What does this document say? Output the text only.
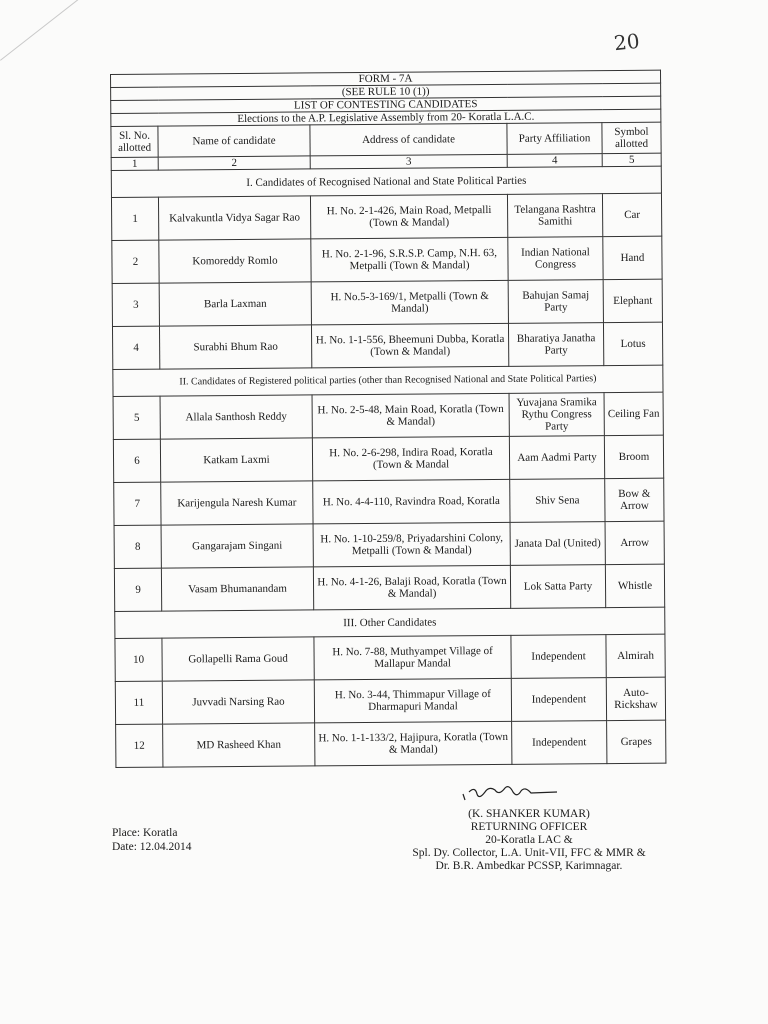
20
FORM - 7A				
(SEE RULE 10 (1))				
LIST OF CONTESTING CANDIDATES				
Elections to the A.P. Legislative Assembly from 20- Koratla L.A.C.				
Sl. No. allotted	Name of candidate	Address of candidate	Party Affiliation	Symbol allotted
1	2	3	4	5
I. Candidates of Recognised National and State Political Parties				
1	Kalvakuntla Vidya Sagar Rao	H. No. 2-1-426, Main Road, Metpalli (Town & Mandal)	Telangana Rashtra Samithi	Car
2	Komoreddy Romlo	H. No. 2-1-96, S.R.S.P. Camp, N.H. 63, Metpalli (Town & Mandal)	Indian National Congress	Hand
3	Barla Laxman	H. No.5-3-169/1, Metpalli (Town & Mandal)	Bahujan Samaj Party	Elephant
4	Surabhi Bhum Rao	H. No. 1-1-556, Bheemuni Dubba, Koratla (Town & Mandal)	Bharatiya Janatha Party	Lotus
II. Candidates of Registered political parties (other than Recognised National and State Political Parties)				
5	Allala Santhosh Reddy	H. No. 2-5-48, Main Road, Koratla (Town & Mandal)	Yuvajana Sramika Rythu Congress Party	Ceiling Fan
6	Katkam Laxmi	H. No. 2-6-298, Indira Road, Koratla (Town & Mandal	Aam Aadmi Party	Broom
7	Karijengula Naresh Kumar	H. No. 4-4-110, Ravindra Road, Koratla	Shiv Sena	Bow & Arrow
8	Gangarajam Singani	H. No. 1-10-259/8, Priyadarshini Colony, Metpalli (Town & Mandal)	Janata Dal (United)	Arrow
9	Vasam Bhumanandam	H. No. 4-1-26, Balaji Road, Koratla (Town & Mandal)	Lok Satta Party	Whistle
III. Other Candidates				
10	Gollapelli Rama Goud	H. No. 7-88, Muthyampet Village of Mallapur Mandal	Independent	Almirah
11	Juvvadi Narsing Rao	H. No. 3-44, Thimmapur Village of Dharmapuri Mandal	Independent	Auto-Rickshaw
12	MD Rasheed Khan	H. No. 1-1-133/2, Hajipura, Koratla (Town & Mandal)	Independent	Grapes
(K. SHANKER KUMAR)
RETURNING OFFICER
20-Koratla LAC &
Spl. Dy. Collector, L.A. Unit-VII, FFC & MMR &
Dr. B.R. Ambedkar PCSSP, Karimnagar.
Place: Koratla
Date: 12.04.2014
